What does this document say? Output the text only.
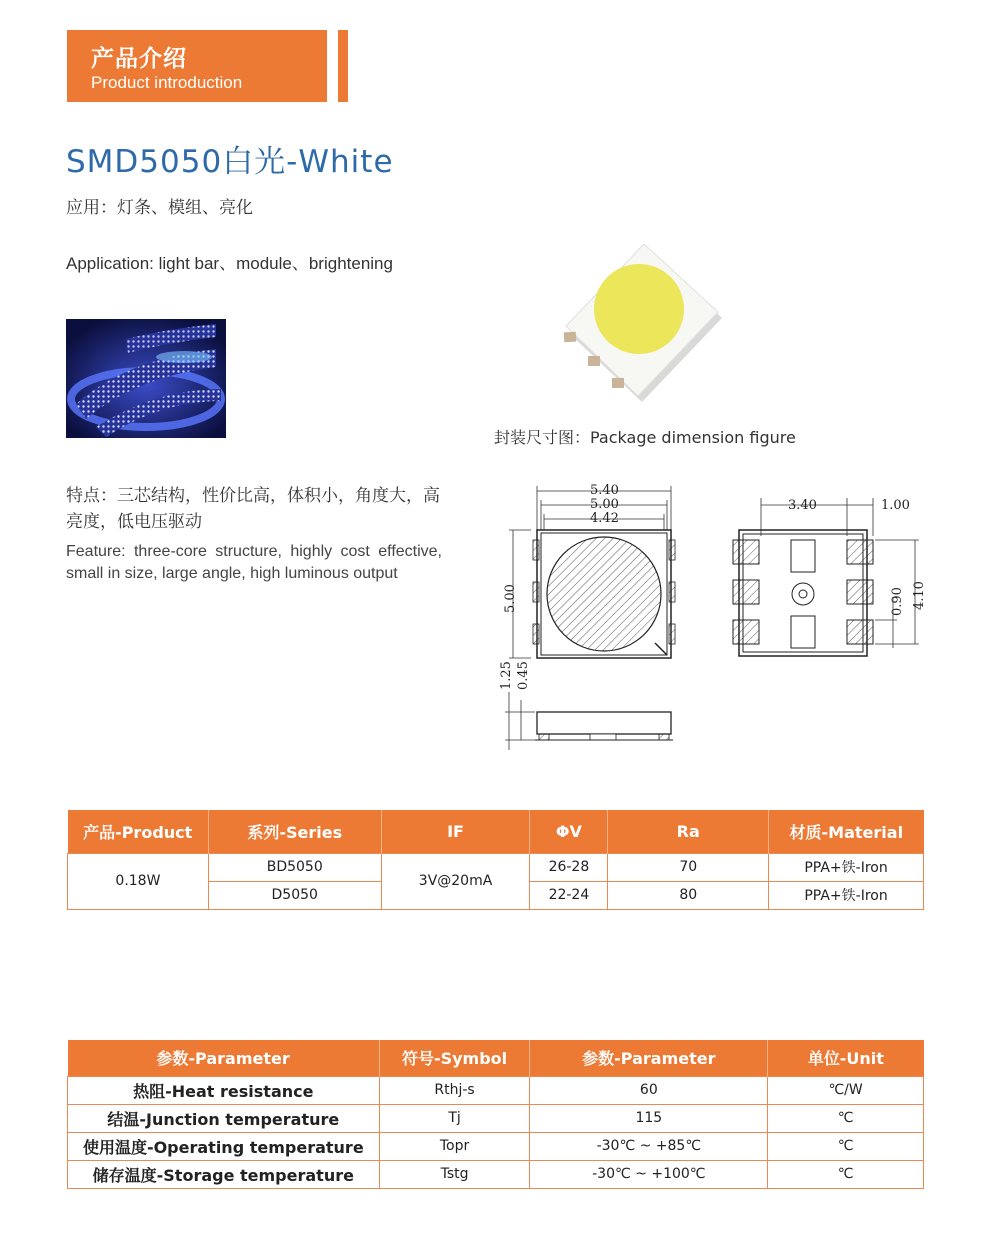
产品介绍
Product introduction
SMD5050白光-White
应用：灯条、模组、亮化
Application: light bar、module、brightening
封装尺寸图：Package dimension figure
特点：三芯结构，性价比高，体积小，角度大，高亮度，低电压驱动
Feature: three-core structure, highly cost effective, small in size, large angle, high luminous output
5.40
5.00
4.42
5.00
1.25 0.45
3.40	1.00
0.90 4.10
产品-Product	系列-Series	IF	ΦV	Ra	材质-Material
0.18W	BD5050	3V@20mA	26-28	70	PPA+铁-Iron
	D5050		22-24	80	PPA+铁-Iron
参数-Parameter	符号-Symbol	参数-Parameter	单位-Unit
热阻-Heat resistance	Rthj-s	60	℃/W
结温-Junction temperature	Tj	115	℃
使用温度-Operating temperature	Topr	-30℃ ~ +85℃	℃
储存温度-Storage temperature	Tstg	-30℃ ~ +100℃	℃
